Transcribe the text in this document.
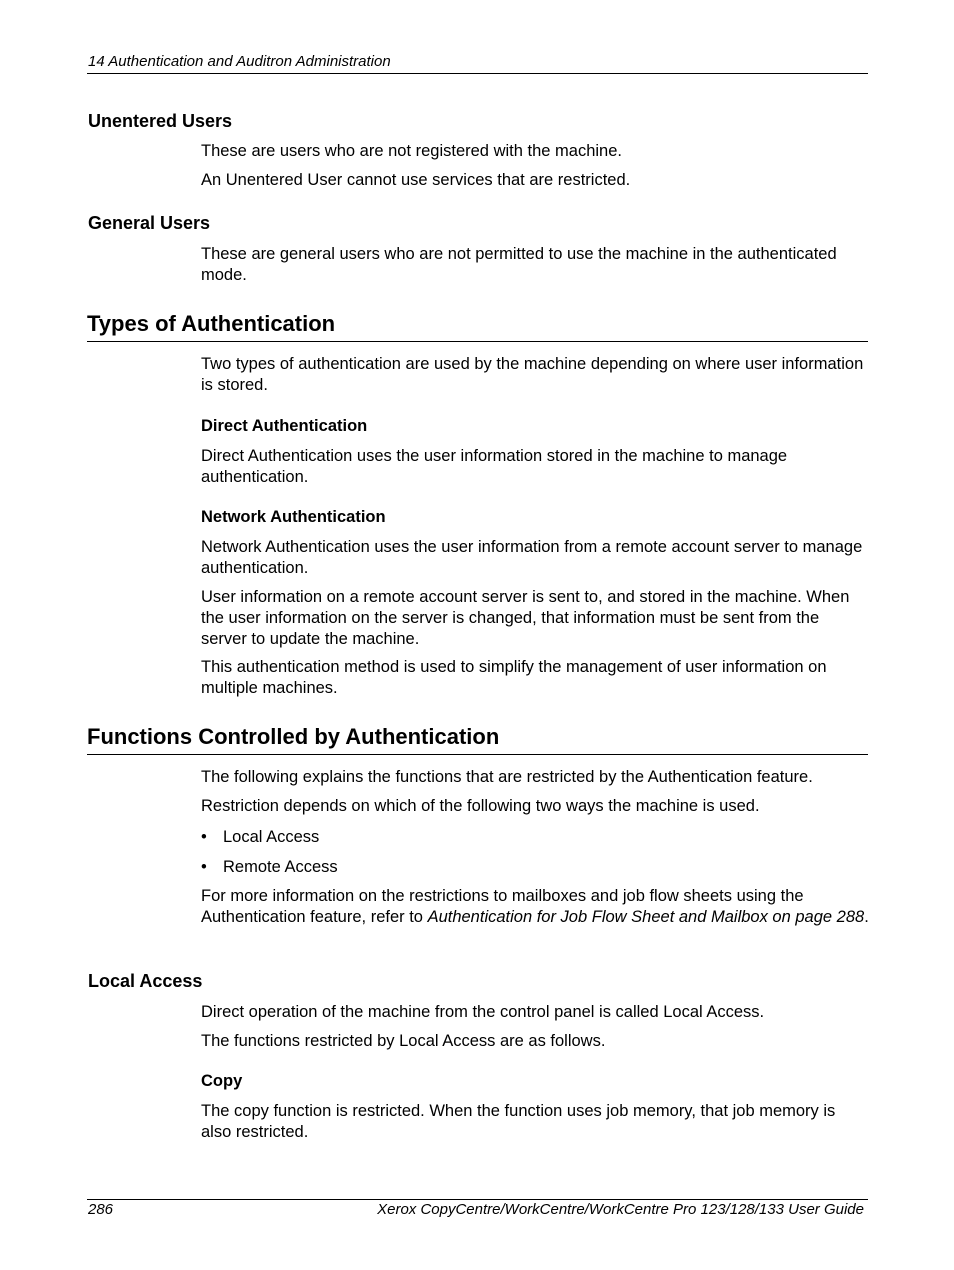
14 Authentication and Auditron Administration
Unentered Users
These are users who are not registered with the machine.
An Unentered User cannot use services that are restricted.
General Users
These are general users who are not permitted to use the machine in the authenticated mode.
Types of Authentication
Two types of authentication are used by the machine depending on where user information is stored.
Direct Authentication
Direct Authentication uses the user information stored in the machine to manage authentication.
Network Authentication
Network Authentication uses the user information from a remote account server to manage authentication.
User information on a remote account server is sent to, and stored in the machine. When the user information on the server is changed, that information must be sent from the server to update the machine.
This authentication method is used to simplify the management of user information on multiple machines.
Functions Controlled by Authentication
The following explains the functions that are restricted by the Authentication feature.
Restriction depends on which of the following two ways the machine is used.
• Local Access
• Remote Access
For more information on the restrictions to mailboxes and job flow sheets using the Authentication feature, refer to Authentication for Job Flow Sheet and Mailbox on page 288.
Local Access
Direct operation of the machine from the control panel is called Local Access.
The functions restricted by Local Access are as follows.
Copy
The copy function is restricted. When the function uses job memory, that job memory is also restricted.
286	Xerox CopyCentre/WorkCentre/WorkCentre Pro 123/128/133 User Guide
